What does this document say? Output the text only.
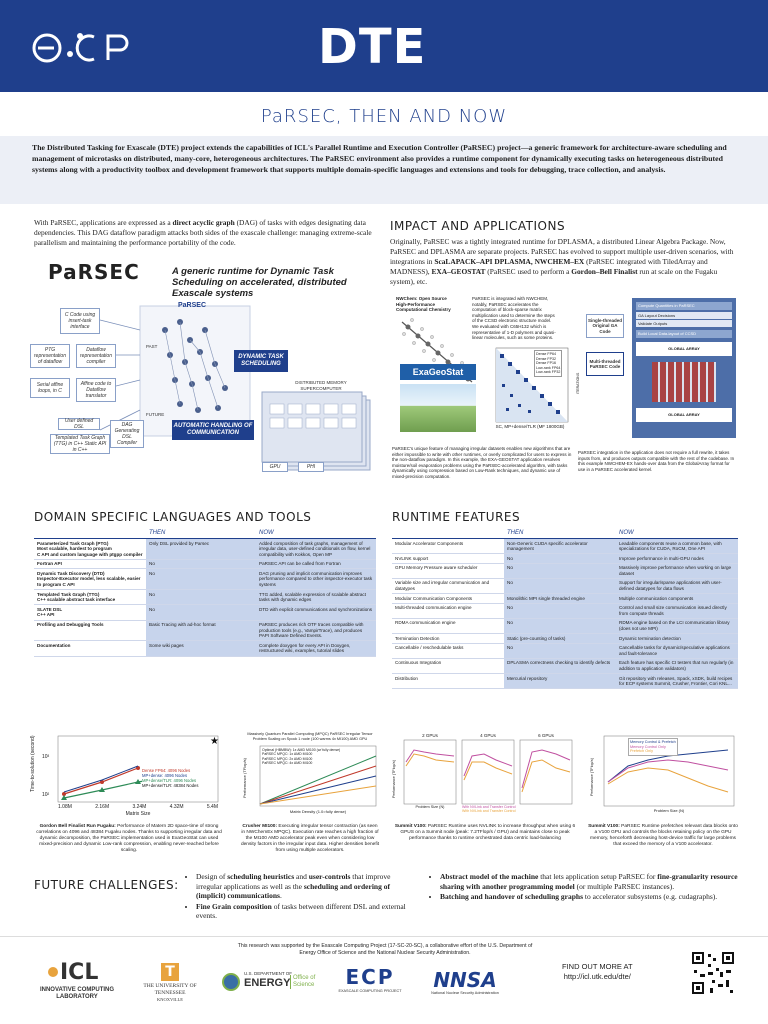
DTE
PaRSEC, THEN AND NOW
The Distributed Tasking for Exascale (DTE) project extends the capabilities of ICL's Parallel Runtime and Execution Controller (PaRSEC) project—a generic framework for architecture-aware scheduling and management of microtasks on distributed, many-core, heterogeneous architectures. The PaRSEC environment also provides a runtime component for dynamically executing tasks on heterogeneous distributed systems along with a productivity toolbox and development framework that supports multiple domain-specific languages and extensions and tools for debugging, trace collection, and analysis.
With PaRSEC, applications are expressed as a direct acyclic graph (DAG) of tasks with edges designating data dependencies. This DAG dataflow paradigm attacks both sides of the exascale challenge: managing extreme-scale parallelism and maintaining the performance portability of the code.
PaRSEC	A generic runtime for Dynamic Task Scheduling on accelerated, distributed Exascale systems
C Code using insert-task interface
PTG representation of dataflow
Dataflow representation compiler
Serial affine loops, in C
Affine code to Dataflow translator
User defined DSL
Templated Task Graph (TTG) in C++ Static API in C++
DAG Generating DSL Compiler
PaRSEC
PAST
FUTURE
DYNAMIC TASK SCHEDULING
DISTRIBUTED MEMORY SUPERCOMPUTER
AUTOMATIC HANDLING OF COMMUNICATION
GPU	PHI
IMPACT AND APPLICATIONS
Originally, PaRSEC was a tightly integrated runtime for DPLASMA, a distributed Linear Algebra Package. Now, PaRSEC and DPLASMA are separate projects. PaRSEC has evolved to support multiple user-driven scenarios, with integrations in ScaLAPACK–API DPLASMA, NWCHEM–EX (PaRSEC integrated with TiledArray and MADNESS), EXA–GEOSTAT (PaRSEC used to perform a Gordon–Bell Finalist run at scale on the Fugaku system), etc.
NWChem: Open Source High-Performance Computational Chemistry
PaRSEC is integrated with NWCHEM, notably, PaRSEC accelerates the computation of block-sparse matrix multiplication used to determine the steps of the CCSD electronic structure model. We evaluated with C65H132 which is representative of 1-D polymers and quasi-linear molecules, such as some proteins.
ExaGeoStat
Dense FP64
Dense FP32
Dense FP16
Low-rank FP64
Low-rank FP32
SC, MP+dense/TLR (MF 1800GB)
PaRSEC's unique feature of managing irregular datasets enables new algorithms that are either impossible to write with other runtimes, or overly complicated for users to express in the non-dataflow paradigm. In this example, the EXA-GEOSTAT application resolves moisture/soil evaporation problems using the PaRSEC-accelerated algorithm, with tasks dynamically using compression based on Low-Rank techniques, and dynamic use of mixed-precision computation.
Single-threaded Original GA Code
Multi-threaded PaRSEC Code
ITERATIONS
Compute Quantities in PaRSEC
GA Layout Decisions
Validate Outputs
Build Local Data-layout of CCSD
GLOBAL ARRAY
GLOBAL ARRAY
PaRSEC integration in the application does not require a full rewrite, it takes inputs from, and produces outputs compatible with the rest of the codebase. In this example NWCHEM-EX hands-over data from the GlobalArray format for use in a PaRSEC accelerated kernel.
DOMAIN SPECIFIC LANGUAGES AND TOOLS
	THEN	NOW
Parameterized Task Graph (PTG)
Most scalable, hardest to program
C API and custom language with ptgpp compiler	Only DSL provided by Parsec	Added composition of task graphs, management of irregular data, user-defined conditionals on flow, kernel compatibility with Kokkos, Open MP
Fortran API	No	PaRSEC API can be called from Fortran
Dynamic Task Discovery (DTD)
Inspector-Executor model, less scalable, easier to program C API	No	DAG pruning and implicit communication improves performance compared to other inspector-executor task systems
Templated Task Graph (TTG)
C++ scalable abstract task interface	No	TTG added, scalable expression of scalable abstract tasks with dynamic edges
SLATE DSL
C++ API	No	DTD with explicit communications and synchronizations
Profiling and Debugging Tools	Basic Tracing with ad-hoc format	PaRSEC produces rich OTF traces compatible with production tools (e.g., VampirTrace), and produces PAPI Software Defined Events.
Documentation	Some wiki pages	Complete doxygen for every API in Doxygen, restructured wiki, examples, tutorial slides
RUNTIME FEATURES
	THEN	NOW
Modular Accelerator Components	Non-Generic CUDA specific accelerator management	Leadable components reuse a common base, with specializations for CUDA, RoCM, One API
NVLINK support	No	Improve performance in multi-GPU nodes
GPU Memory Pressure aware scheduler	No	Massively improve performance when working on large dataset
Variable size and irregular communication and datatypes	No	Support for irregular/sparse applications with user-defined datatypes for data flows
Modular Communication Components	Monolithic MPI single threaded engine	Multiple communication components
Multi-threaded communication engine	No	Control and small size communication issued directly from compute threads
RDMA communication engine	No	RDMA engine based on the LCI communication library (does not use MPI)
Termination Detection	Static (pre-counting of tasks)	Dynamic termination detection
Cancellable / reschedulable tasks	No	Cancellable tasks for dynamic/speculative applications and fault-tolerance
Continuous Integration	DPLASMA correctness checking to identify defects	Each feature has specific CI testers that run regularly (in addition to application validators)
Distribution	Mercurial repository	Git repository with releases, Spack, xSDK, build recipes for ECP systems Summit, Crusher, Frontier, Cori KNL...
★
Time-to-solution (second) 10³
10²
Dense FP64: 4096 Nodes
MP+dense: 4096 Nodes
MP+dense/TLR: 4096 Nodes
MP+dense/TLR: 48384 Nodes
1.08M	2.16M	3.24M	4.32M	5.4M
Matrix Size
Gordon Bell Finalist Run Fugaku: Performance of Matern 2D space-time of strong correlations on 4096 and 48384 Fugaku nodes. Thanks to supporting irregular data and dynamic decomposition, the PaRSEC implementation used in ExaGeoStat can used mixed-precision and dynamic Low-rank compression, enabling never-reached before scaling.
Massively Quantum Parallel Computing (MPQC) PaRSEC Irregular Tensor Problem Scaling on Spock 1 node (100 warms 4x MI100) AMD GPU
Optimal (HBMBW): 1x AMD MI100 (w/ fully dense)
PaRSEC MPQC: 1x AMD MI100
PaRSEC MPQC: 2x AMD MI100
PaRSEC MPQC: 4x AMD MI100
Performance (TFlop/s)
Matrix Density (1.0=fully dense)
Crusher MI100: Executing irregular tensor contraction (as seen in NWChemEx MPQC). Execution rate reaches a high fraction of the MI100 AMD accelerator peak even when considering low density factors in the irregular input data. Higher densities benefit from using multiple accelerators.
2 GPUs	4 GPUs	6 GPUs
Performance (TFlop/s)
Problem Size (N)	With NVLink and Transfer Control
With NVLink and Transfer Control
Summit V100: PaRSEC Runtime uses NVLINK to increase throughput when using 6 GPUS on a Summit node (peak: 7.2TFlop/s / GPU) and maintains close to peak performance thanks to runtime orchestrated data centric load-balancing
Memory Control & Prefetch
Memory Control Only
Prefetch Only
Performance (TFlop/s)
Problem Size (N)
Summit V100: PaRSEC Runtime prefetches relevant data blocks onto a V100 GPU and controls the blocks retaining policy on the GPU memory, henceforth decreasing host-device traffic for large problems that exceed the memory of a V100 accelerator.
FUTURE CHALLENGES:
• Design of scheduling heuristics and user-controls that improve irregular applications as well as the scheduling and ordering of (implicit) communications.
• Fine Grain composition of tasks between different DSL and external events.
• Abstract model of the machine that lets application setup PaRSEC for fine-granularity resource sharing with another programming model (or multiple PaRSEC instances).
• Batching and handover of scheduling graphs to accelerator subsystems (e.g. cudagraphs).
This research was supported by the Exascale Computing Project (17-SC-20-SC), a collaborative effort of the U.S. Department of Energy Office of Science and the National Nuclear Security Administration.
ICL
INNOVATIVE COMPUTING LABORATORY
T
THE UNIVERSITY OF TENNESSEE
KNOXVILLE
U.S. DEPARTMENT OF
ENERGY Office of Science	ECP
EXASCALE COMPUTING PROJECT	NNSA
National Nuclear Security Administration
FIND OUT MORE AT
http://icl.utk.edu/dte/
